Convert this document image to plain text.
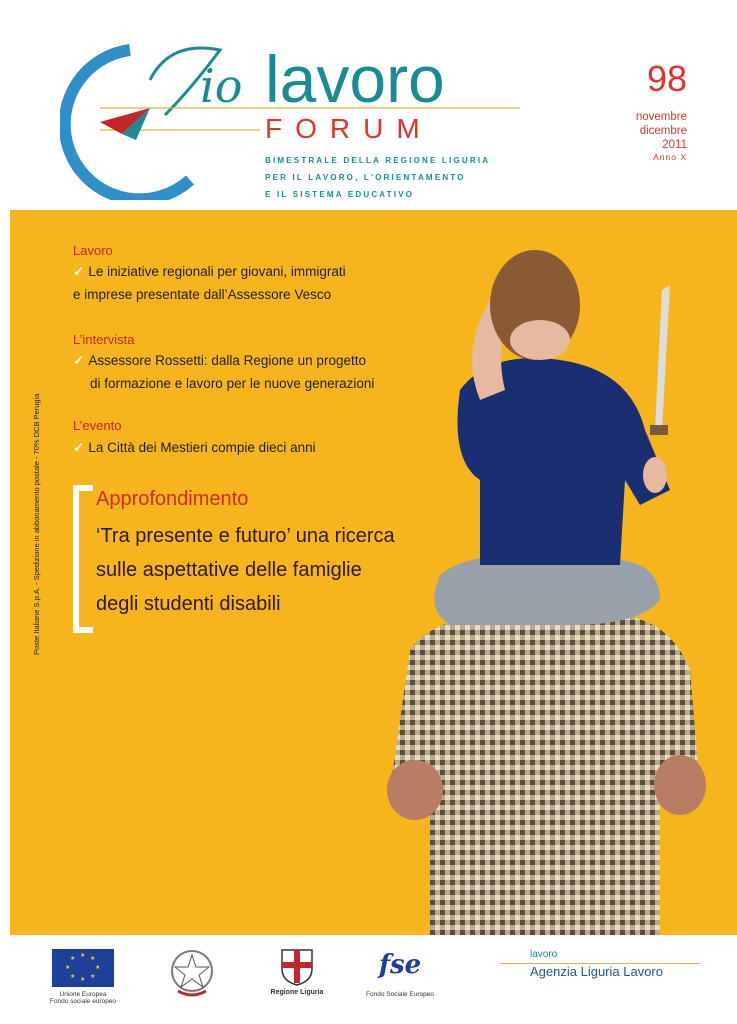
io lavoro
FORUM
BIMESTRALE DELLA REGIONE LIGURIA
PER IL LAVORO, L'ORIENTAMENTO
E IL SISTEMA EDUCATIVO
98
novembre
dicembre
2011
Anno X
Lavoro
✓ Le iniziative regionali per giovani, immigrati
e imprese presentate dall’Assessore Vesco
L’intervista
✓ Assessore Rossetti: dalla Regione un progetto
di formazione e lavoro per le nuove generazioni
L’evento
✓ La Città dei Mestieri compie dieci anni
Approfondimento
‘Tra presente e futuro’ una ricerca
sulle aspettative delle famiglie
degli studenti disabili
Poste Italiane S.p.A. - Spedizione in abbonamento postale - 70% DCB Perugia
★ ★
★
★
★
★
★
★
Unione Europea
Fondo sociale europeo
Regione Liguria
fse
Fondo Sociale Europeo
lavoro
Agenzia Liguria Lavoro
